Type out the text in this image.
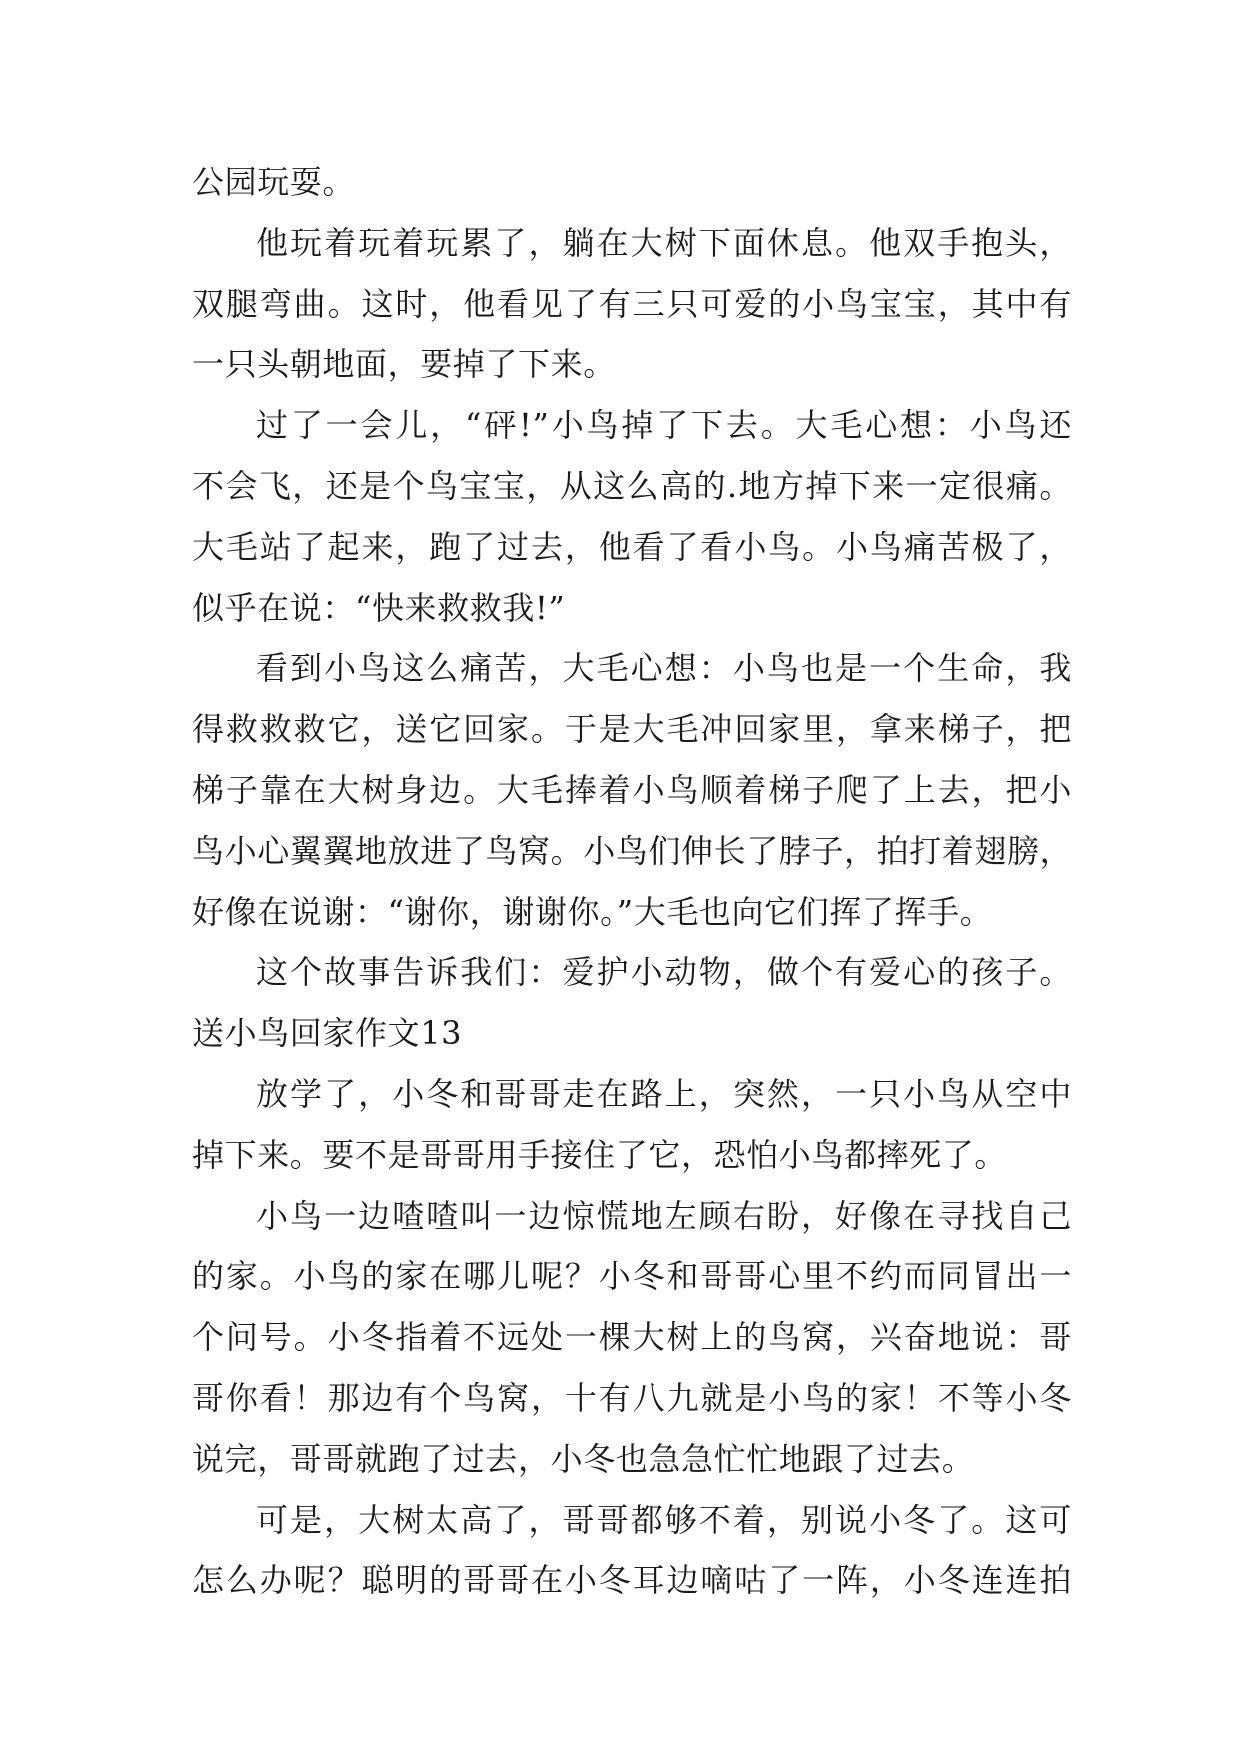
公园玩耍。
他玩着玩着玩累了，躺在大树下面休息。他双手抱头，
双腿弯曲。这时，他看见了有三只可爱的小鸟宝宝，其中有
一只头朝地面，要掉了下来。
过了一会儿，“砰!”小鸟掉了下去。大毛心想：小鸟还
不会飞，还是个鸟宝宝，从这么高的.地方掉下来一定很痛。
大毛站了起来，跑了过去，他看了看小鸟。小鸟痛苦极了，
似乎在说：“快来救救我!”
看到小鸟这么痛苦，大毛心想：小鸟也是一个生命，我
得救救救它，送它回家。于是大毛冲回家里，拿来梯子，把
梯子靠在大树身边。大毛捧着小鸟顺着梯子爬了上去，把小
鸟小心翼翼地放进了鸟窝。小鸟们伸长了脖子，拍打着翅膀，
好像在说谢：“谢你，谢谢你。”大毛也向它们挥了挥手。
这个故事告诉我们：爱护小动物，做个有爱心的孩子。
送小鸟回家作文13
放学了，小冬和哥哥走在路上，突然，一只小鸟从空中
掉下来。要不是哥哥用手接住了它，恐怕小鸟都摔死了。
小鸟一边喳喳叫一边惊慌地左顾右盼，好像在寻找自己
的家。小鸟的家在哪儿呢？小冬和哥哥心里不约而同冒出一
个问号。小冬指着不远处一棵大树上的鸟窝，兴奋地说：哥
哥你看！那边有个鸟窝，十有八九就是小鸟的家！不等小冬
说完，哥哥就跑了过去，小冬也急急忙忙地跟了过去。
可是，大树太高了，哥哥都够不着，别说小冬了。这可
怎么办呢？聪明的哥哥在小冬耳边嘀咕了一阵，小冬连连拍
